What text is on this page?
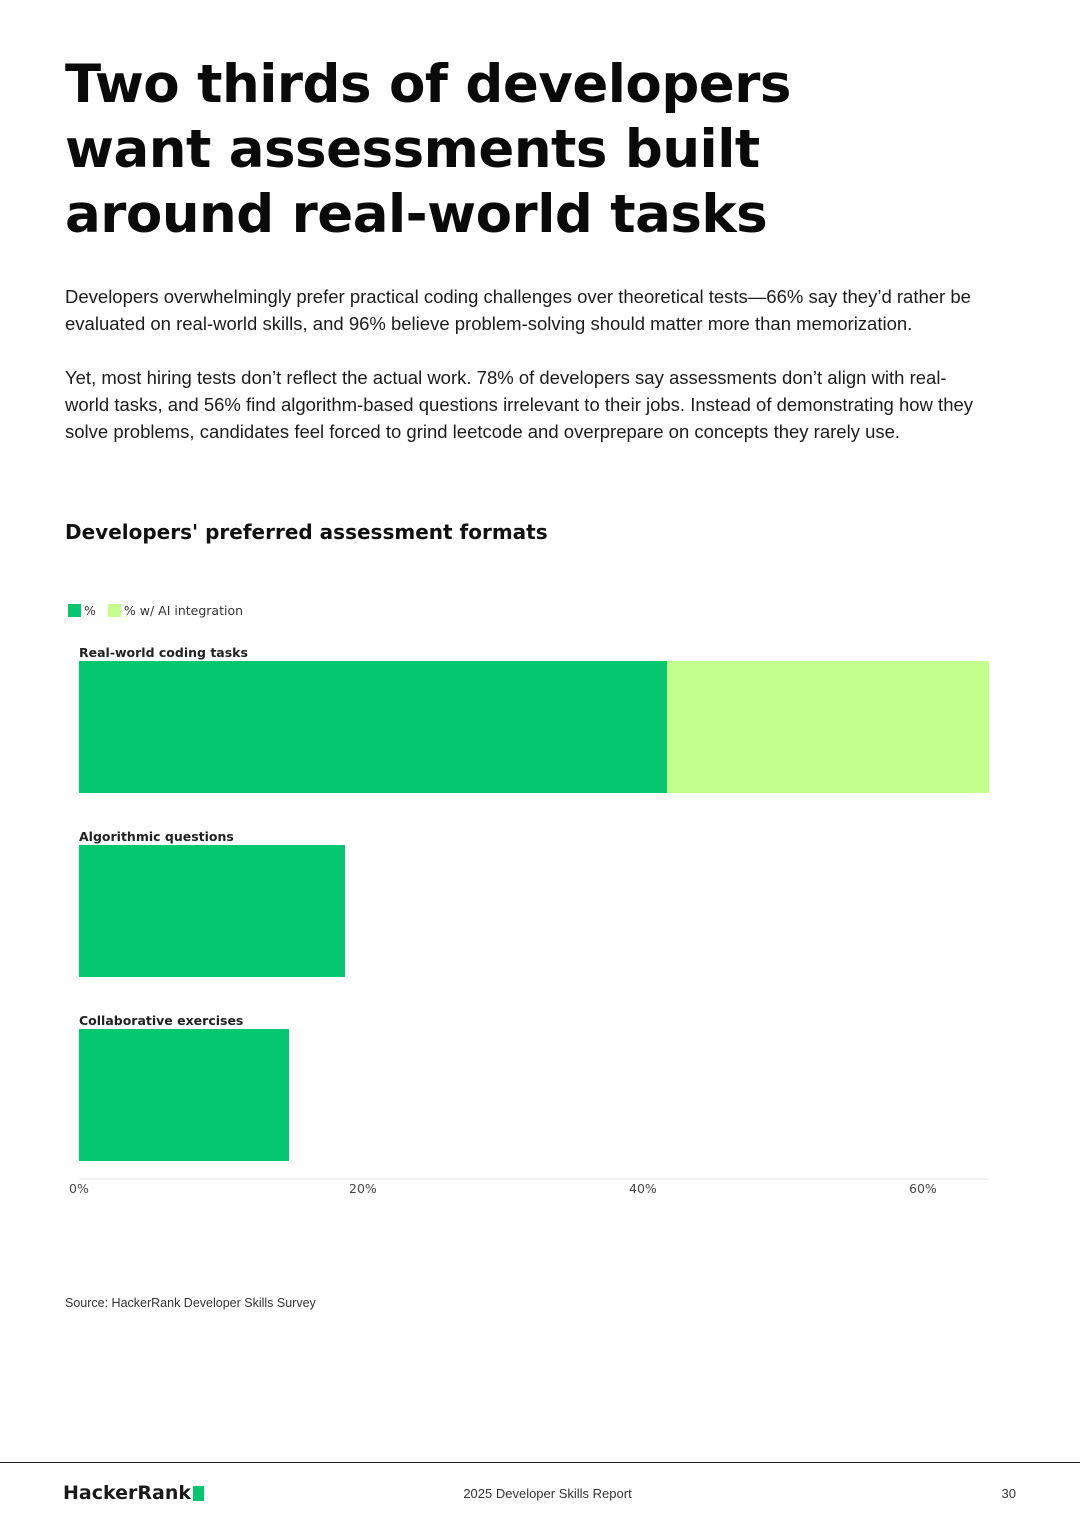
Two thirds of developers want assessments built around real-world tasks

Developers overwhelmingly prefer practical coding challenges over theoretical tests—66% say they’d rather be evaluated on real-world skills, and 96% believe problem-solving should matter more than memorization.

Yet, most hiring tests don’t reflect the actual work. 78% of developers say assessments don’t align with real-world tasks, and 56% find algorithm-based questions irrelevant to their jobs. Instead of demonstrating how they solve problems, candidates feel forced to grind leetcode and overprepare on concepts they rarely use.

Developers' preferred assessment formats
% % w/ AI integration
Real-world coding tasks
Algorithmic questions
Collaborative exercises
0%	20%	40%	60%

Source: HackerRank Developer Skills Survey

HackerRank	2025 Developer Skills Report	30
